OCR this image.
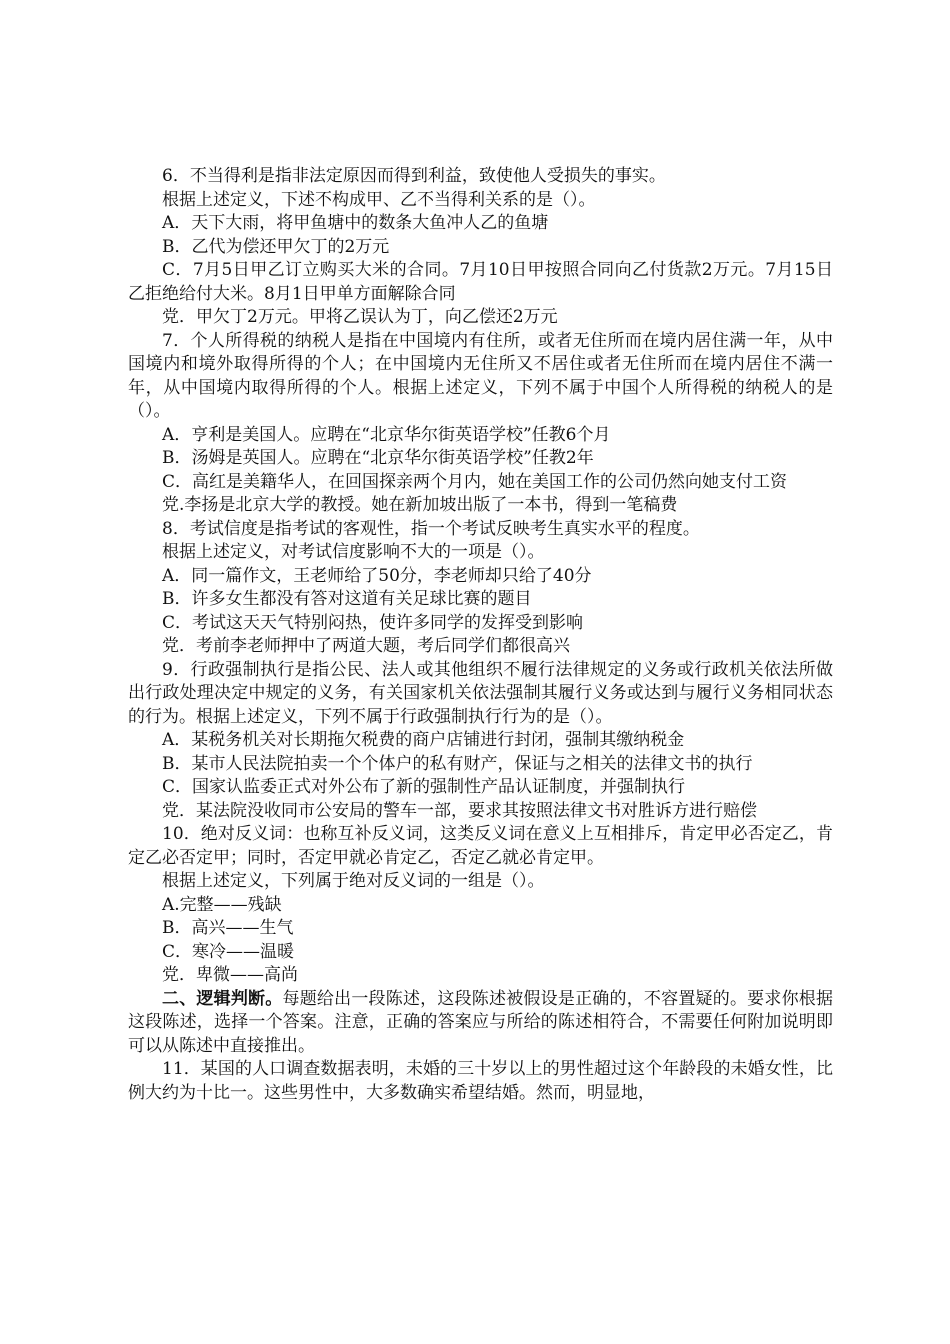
6．不当得利是指非法定原因而得到利益，致使他人受损失的事实。

根据上述定义，下述不构成甲、乙不当得利关系的是（）。

A．天下大雨，将甲鱼塘中的数条大鱼冲人乙的鱼塘

B．乙代为偿还甲欠丁的2万元

C．7月5日甲乙订立购买大米的合同。7月10日甲按照合同向乙付货款2万元。7月15日乙拒绝给付大米。8月1日甲单方面解除合同

党．甲欠丁2万元。甲将乙误认为丁，向乙偿还2万元

7．个人所得税的纳税人是指在中国境内有住所，或者无住所而在境内居住满一年，从中国境内和境外取得所得的个人；在中国境内无住所又不居住或者无住所而在境内居住不满一年，从中国境内取得所得的个人。根据上述定义，下列不属于中国个人所得税的纳税人的是（）。

A．亨利是美国人。应聘在“北京华尔街英语学校”任教6个月

B．汤姆是英国人。应聘在“北京华尔街英语学校”任教2年

C．高红是美籍华人，在回国探亲两个月内，她在美国工作的公司仍然向她支付工资

党.李扬是北京大学的教授。她在新加坡出版了一本书，得到一笔稿费

8．考试信度是指考试的客观性，指一个考试反映考生真实水平的程度。

根据上述定义，对考试信度影响不大的一项是（）。

A．同一篇作文，王老师给了50分，李老师却只给了40分

B．许多女生都没有答对这道有关足球比赛的题目

C．考试这天天气特别闷热，使许多同学的发挥受到影响

党．考前李老师押中了两道大题，考后同学们都很高兴

9．行政强制执行是指公民、法人或其他组织不履行法律规定的义务或行政机关依法所做出行政处理决定中规定的义务，有关国家机关依法强制其履行义务或达到与履行义务相同状态的行为。根据上述定义，下列不属于行政强制执行行为的是（）。

A．某税务机关对长期拖欠税费的商户店铺进行封闭，强制其缴纳税金

B．某市人民法院拍卖一个个体户的私有财产，保证与之相关的法律文书的执行

C．国家认监委正式对外公布了新的强制性产品认证制度，并强制执行

党．某法院没收同市公安局的警车一部，要求其按照法律文书对胜诉方进行赔偿

10．绝对反义词：也称互补反义词，这类反义词在意义上互相排斥，肯定甲必否定乙，肯定乙必否定甲；同时，否定甲就必肯定乙，否定乙就必肯定甲。

根据上述定义，下列属于绝对反义词的一组是（）。

A.完整——残缺

B．高兴——生气

C．寒冷——温暖

党．卑微——高尚

二、逻辑判断。每题给出一段陈述，这段陈述被假设是正确的，不容置疑的。要求你根据这段陈述，选择一个答案。注意，正确的答案应与所给的陈述相符合，不需要任何附加说明即可以从陈述中直接推出。

11．某国的人口调查数据表明，未婚的三十岁以上的男性超过这个年龄段的未婚女性，比例大约为十比一。这些男性中，大多数确实希望结婚。然而，明显地，
